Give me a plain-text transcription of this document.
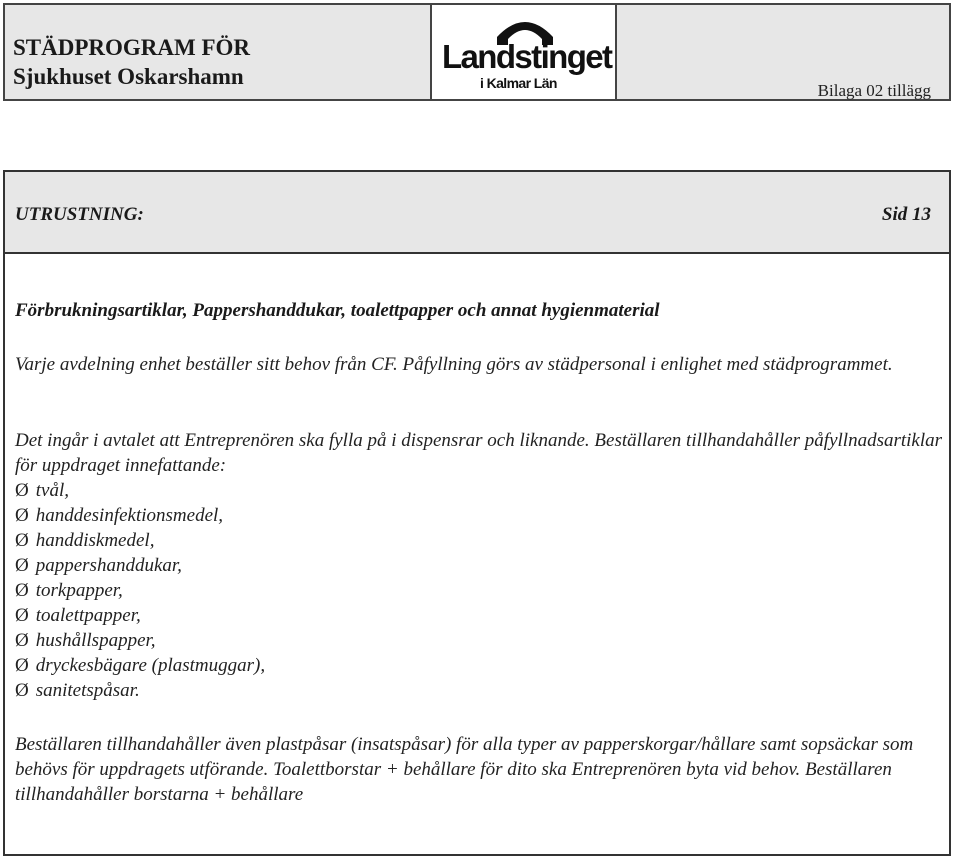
STÄDPROGRAM FÖR
Sjukhuset Oskarshamn
Landstinget
i Kalmar Län	Bilaga 02 tillägg
UTRUSTNING:	Sid 13
Förbrukningsartiklar, Pappershanddukar, toalettpapper och annat hygienmaterial

Varje avdelning enhet beställer sitt behov från CF. Påfyllning görs av städpersonal i enlighet med städprogrammet.

Det ingår i avtalet att Entreprenören ska fylla på i dispensrar och liknande. Beställaren tillhandahåller påfyllnadsartiklar för uppdraget innefattande:

Ø tvål,
Ø handdesinfektionsmedel,
Ø handdiskmedel,
Ø pappershanddukar,
Ø torkpapper,
Ø toalettpapper,
Ø hushållspapper,
Ø dryckesbägare (plastmuggar),
Ø sanitetspåsar.

Beställaren tillhandahåller även plastpåsar (insatspåsar) för alla typer av papperskorgar/hållare samt sopsäckar som behövs för uppdragets utförande. Toalettborstar + behållare för dito ska Entreprenören byta vid behov. Beställaren tillhandahåller borstarna + behållare
